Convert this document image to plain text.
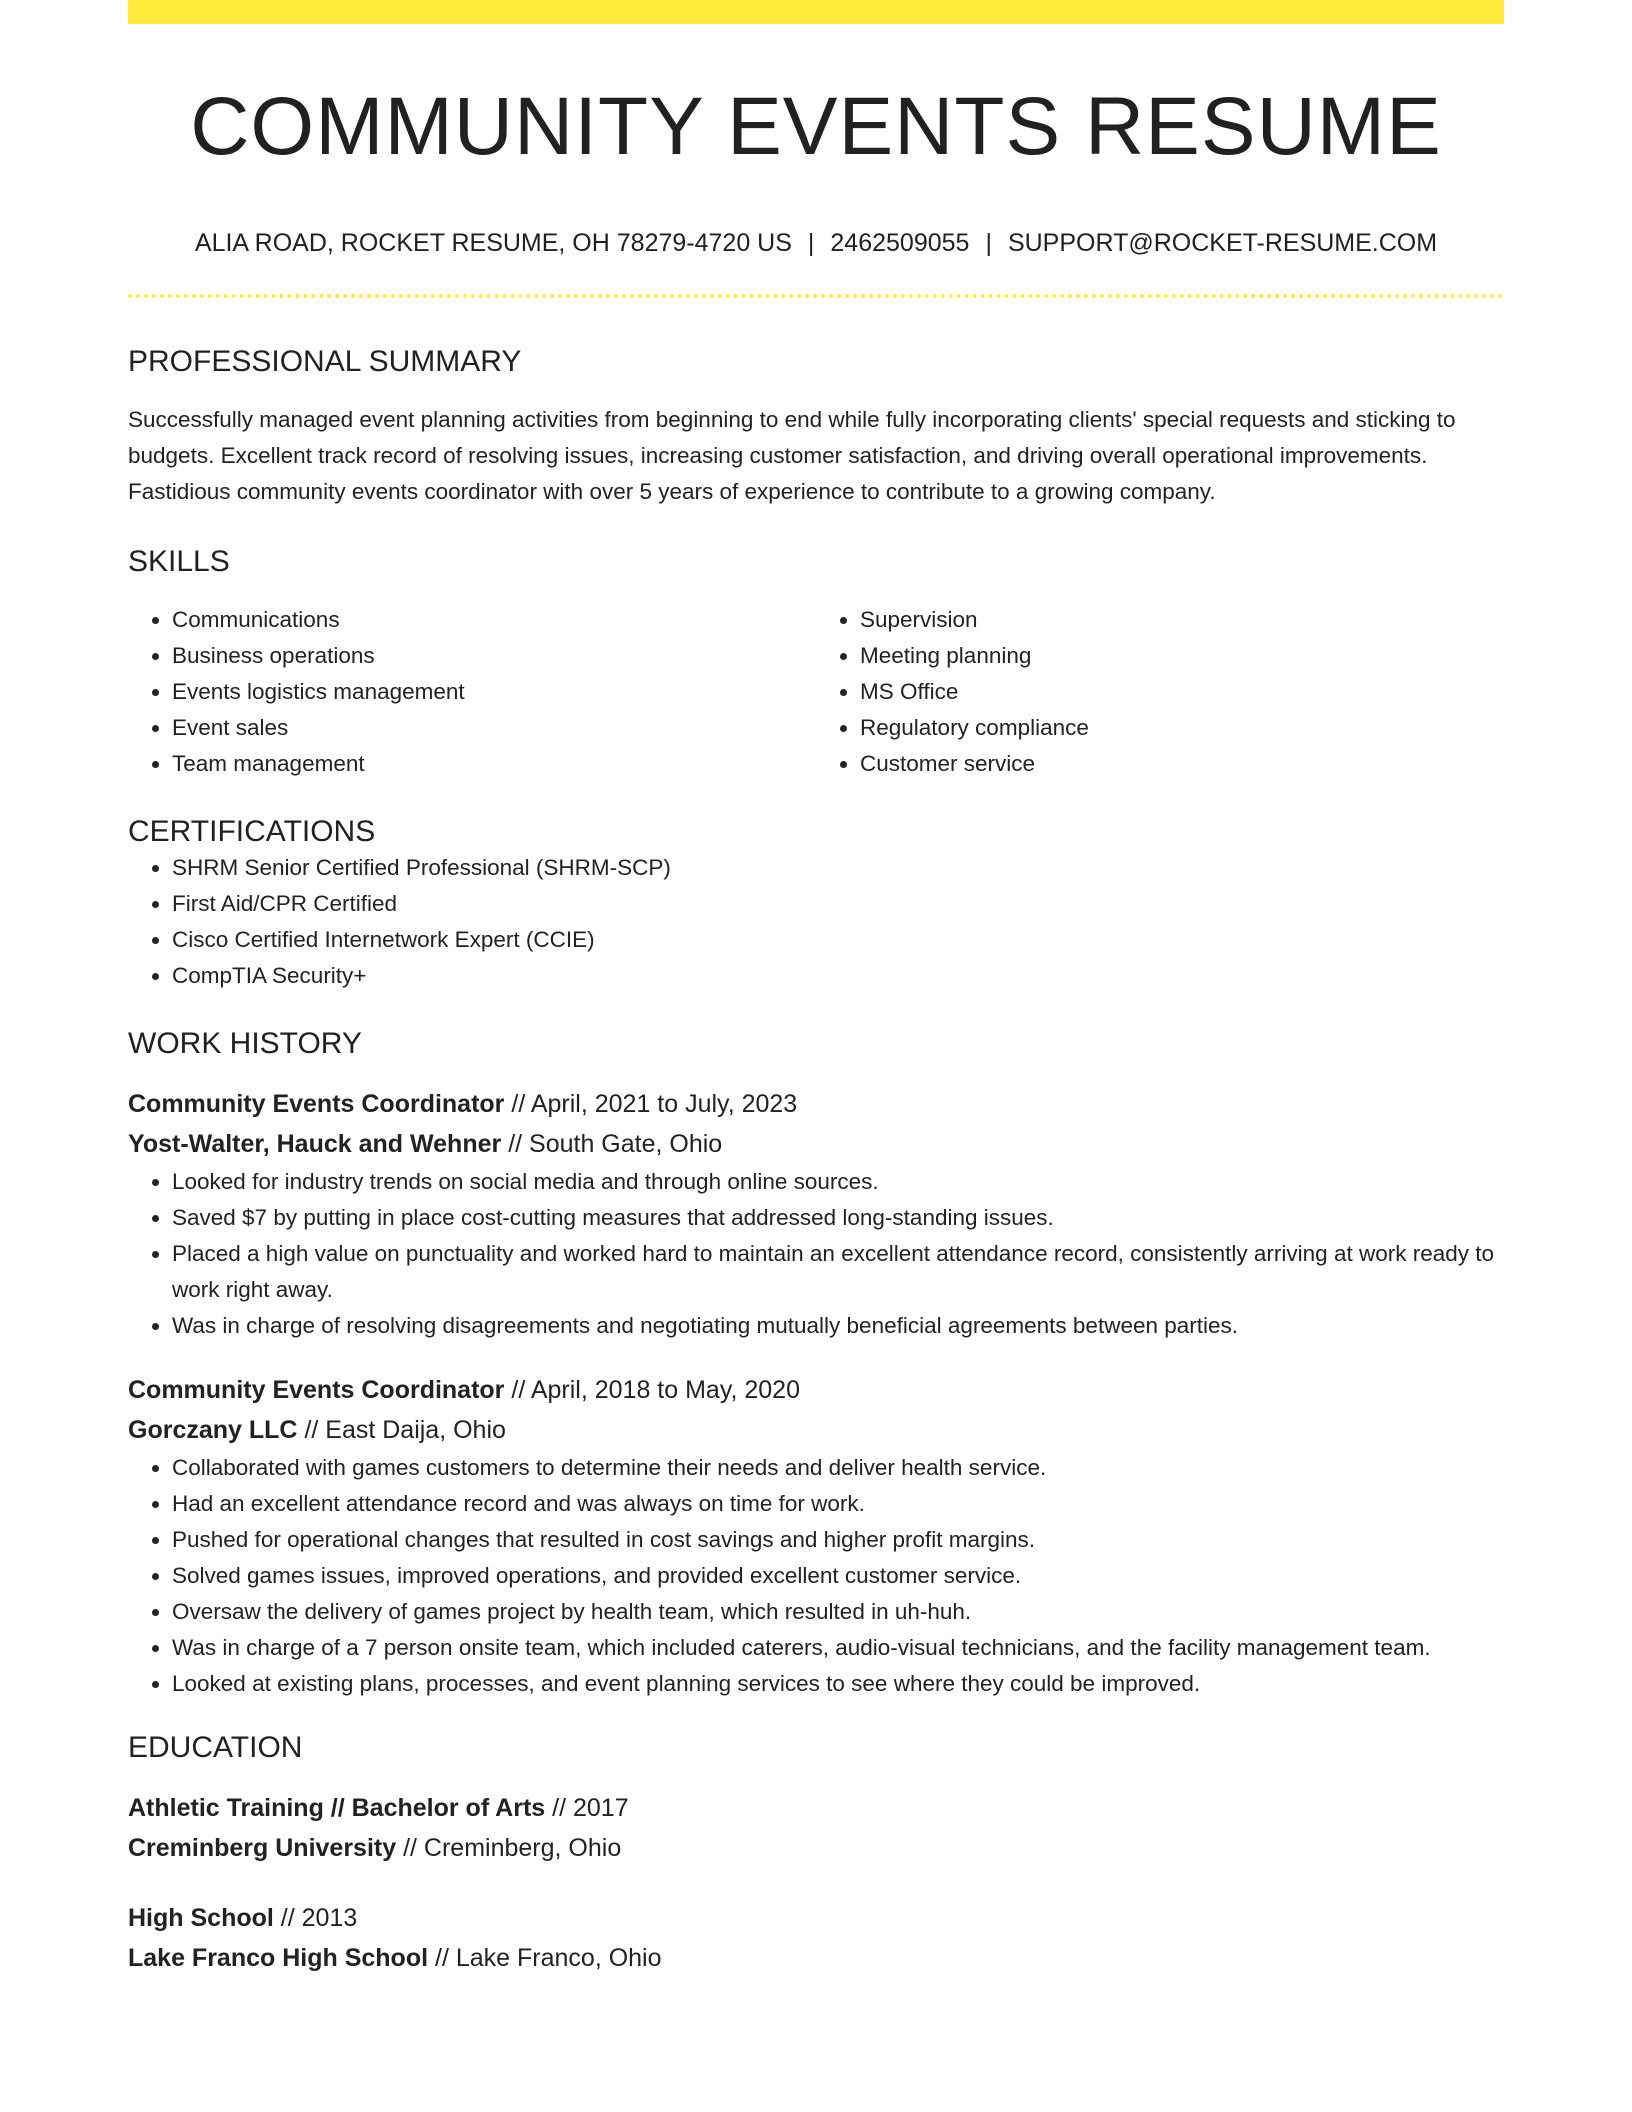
COMMUNITY EVENTS RESUME
ALIA ROAD, ROCKET RESUME, OH 78279-4720 US | 2462509055 | SUPPORT@ROCKET-RESUME.COM
PROFESSIONAL SUMMARY
Successfully managed event planning activities from beginning to end while fully incorporating clients' special requests and sticking to budgets. Excellent track record of resolving issues, increasing customer satisfaction, and driving overall operational improvements. Fastidious community events coordinator with over 5 years of experience to contribute to a growing company.
SKILLS
• Communications
• Business operations
• Events logistics management
• Event sales
• Team management
• Supervision
• Meeting planning
• MS Office
• Regulatory compliance
• Customer service
CERTIFICATIONS
• SHRM Senior Certified Professional (SHRM-SCP)
• First Aid/CPR Certified
• Cisco Certified Internetwork Expert (CCIE)
• CompTIA Security+
WORK HISTORY
Community Events Coordinator // April, 2021 to July, 2023
Yost-Walter, Hauck and Wehner // South Gate, Ohio
• Looked for industry trends on social media and through online sources.
• Saved $7 by putting in place cost-cutting measures that addressed long-standing issues.
• Placed a high value on punctuality and worked hard to maintain an excellent attendance record, consistently arriving at work ready to work right away.
• Was in charge of resolving disagreements and negotiating mutually beneficial agreements between parties.
Community Events Coordinator // April, 2018 to May, 2020
Gorczany LLC // East Daija, Ohio
• Collaborated with games customers to determine their needs and deliver health service.
• Had an excellent attendance record and was always on time for work.
• Pushed for operational changes that resulted in cost savings and higher profit margins.
• Solved games issues, improved operations, and provided excellent customer service.
• Oversaw the delivery of games project by health team, which resulted in uh-huh.
• Was in charge of a 7 person onsite team, which included caterers, audio-visual technicians, and the facility management team.
• Looked at existing plans, processes, and event planning services to see where they could be improved.
EDUCATION
Athletic Training // Bachelor of Arts // 2017
Creminberg University // Creminberg, Ohio
High School // 2013
Lake Franco High School // Lake Franco, Ohio
